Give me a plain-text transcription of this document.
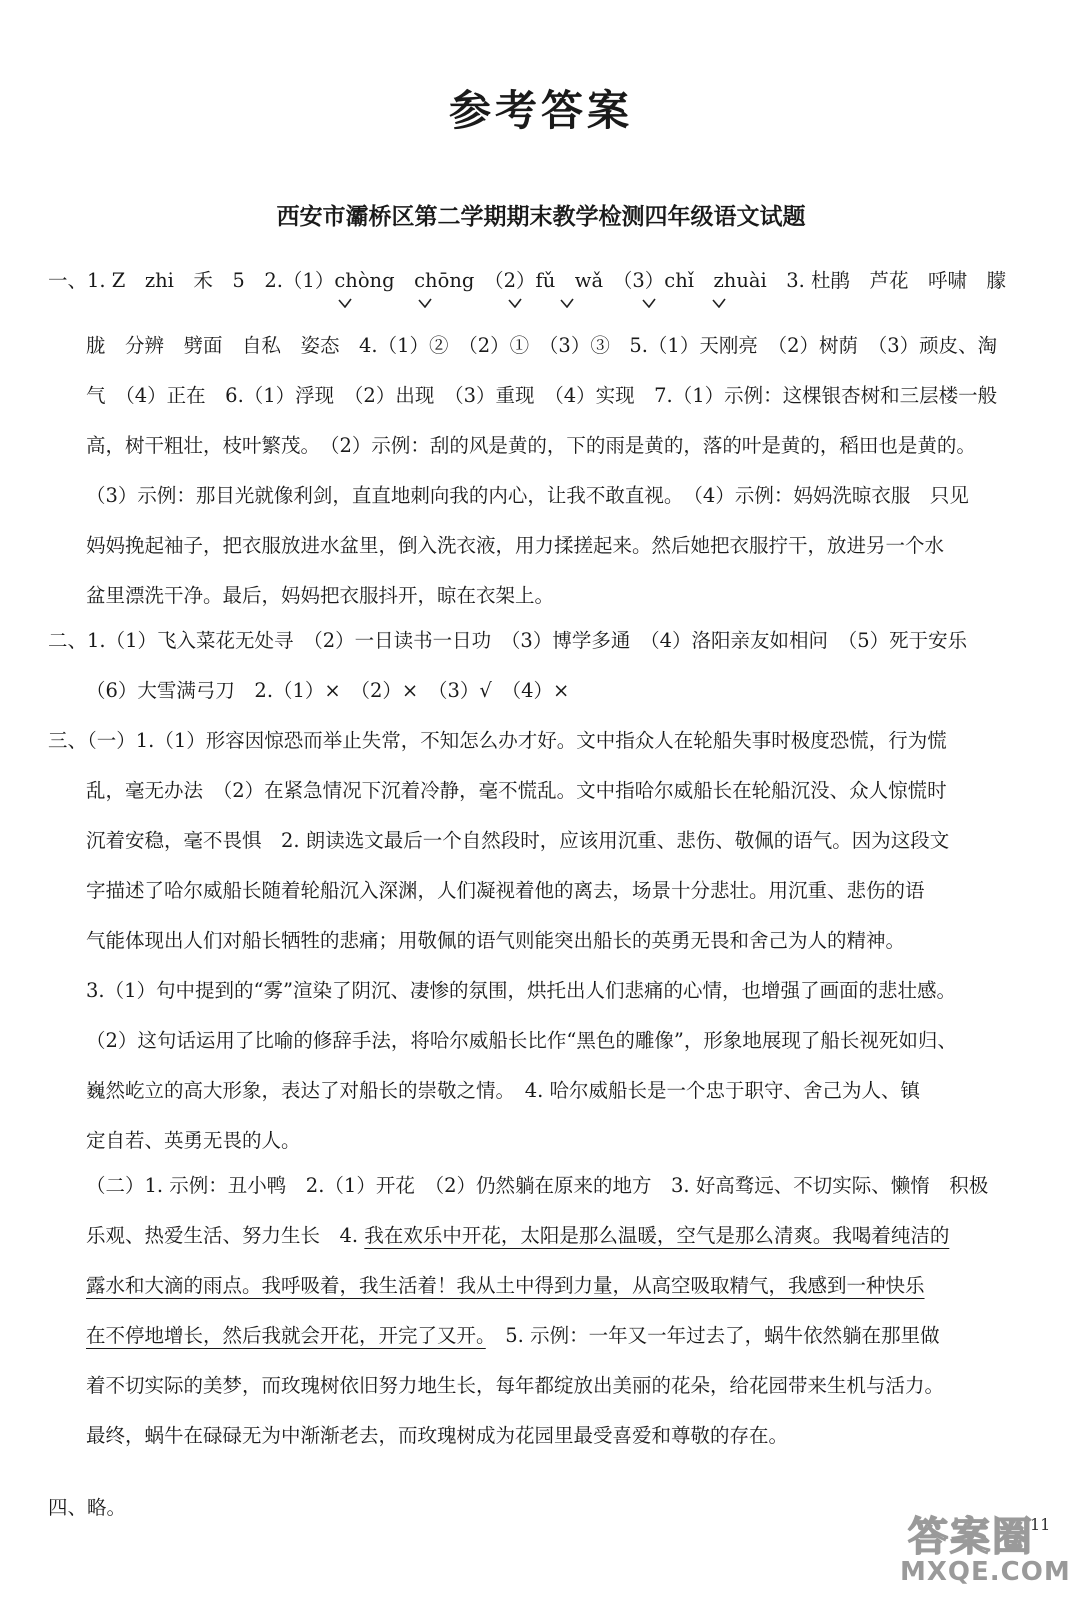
参考答案
西安市灞桥区第二学期期末教学检测四年级语文试题
一、1. Z　zhi　禾　5　2.（1）chòng　chōng　（2）fǔ　wǎ　（3）chǐ　zhuài　3. 杜鹃　芦花　呼啸　朦
胧　分辨　劈面　自私　姿态　4.（1）②　（2）①　（3）③　5.（1）天刚亮　（2）树荫　（3）顽皮、淘
气　（4）正在　6.（1）浮现　（2）出现　（3）重现　（4）实现　7.（1）示例：这棵银杏树和三层楼一般
高，树干粗壮，枝叶繁茂。　（2）示例：刮的风是黄的，下的雨是黄的，落的叶是黄的，稻田也是黄的。
（3）示例：那目光就像利剑，直直地刺向我的内心，让我不敢直视。　（4）示例：妈妈洗晾衣服　只见
妈妈挽起袖子，把衣服放进水盆里，倒入洗衣液，用力揉搓起来。然后她把衣服拧干，放进另一个水
盆里漂洗干净。最后，妈妈把衣服抖开，晾在衣架上。
二、1.（1）飞入菜花无处寻　（2）一日读书一日功　（3）博学多通　（4）洛阳亲友如相问　（5）死于安乐
（6）大雪满弓刀　2.（1）×　（2）×　（3）√　（4）×
三、（一）1.（1）形容因惊恐而举止失常，不知怎么办才好。文中指众人在轮船失事时极度恐慌，行为慌
乱，毫无办法　（2）在紧急情况下沉着冷静，毫不慌乱。文中指哈尔威船长在轮船沉没、众人惊慌时
沉着安稳，毫不畏惧　2. 朗读选文最后一个自然段时，应该用沉重、悲伤、敬佩的语气。因为这段文
字描述了哈尔威船长随着轮船沉入深渊，人们凝视着他的离去，场景十分悲壮。用沉重、悲伤的语
气能体现出人们对船长牺牲的悲痛；用敬佩的语气则能突出船长的英勇无畏和舍己为人的精神。
3.（1）句中提到的“雾”渲染了阴沉、凄惨的氛围，烘托出人们悲痛的心情，也增强了画面的悲壮感。
（2）这句话运用了比喻的修辞手法，将哈尔威船长比作“黑色的雕像”，形象地展现了船长视死如归、
巍然屹立的高大形象，表达了对船长的崇敬之情。　4. 哈尔威船长是一个忠于职守、舍己为人、镇
定自若、英勇无畏的人。
（二）1. 示例：丑小鸭　2.（1）开花　（2）仍然躺在原来的地方　3. 好高骛远、不切实际、懒惰　积极
乐观、热爱生活、努力生长　4. 我在欢乐中开花，太阳是那么温暖，空气是那么清爽。我喝着纯洁的
露水和大滴的雨点。我呼吸着，我生活着！我从土中得到力量，从高空吸取精气，我感到一种快乐
在不停地增长，然后我就会开花，开完了又开。　5. 示例：一年又一年过去了，蜗牛依然躺在那里做
着不切实际的美梦，而玫瑰树依旧努力地生长，每年都绽放出美丽的花朵，给花园带来生机与活力。
最终，蜗牛在碌碌无为中渐渐老去，而玫瑰树成为花园里最受喜爱和尊敬的存在。
四、略。
11
答案圈
MXQE.COM
